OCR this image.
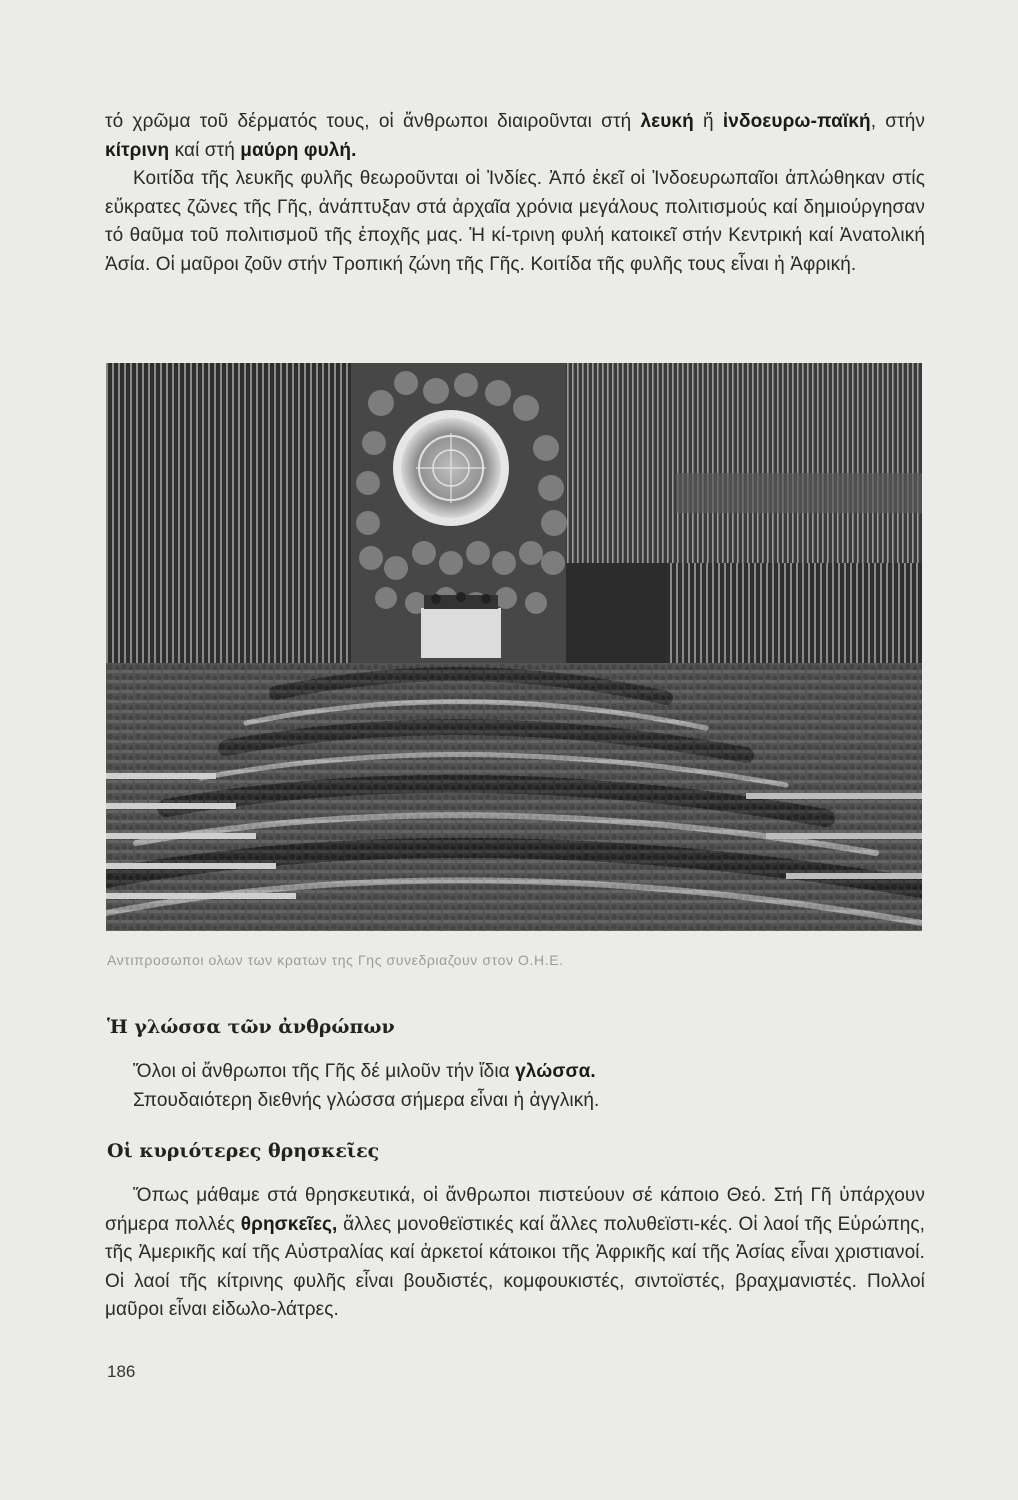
τό χρῶμα τοῦ δέρματός τους, οἱ ἄνθρωποι διαιροῦνται στή λευκή ἤ ἰνδοευρω-παϊκή, στήν κίτρινη καί στή μαύρη φυλή.

Κοιτίδα τῆς λευκῆς φυλῆς θεωροῦνται οἱ Ἰνδίες. Ἀπό ἐκεῖ οἱ Ἰνδοευρωπαῖοι ἀπλώθηκαν στίς εὔκρατες ζῶνες τῆς Γῆς, ἀνάπτυξαν στά ἀρχαῖα χρόνια μεγάλους πολιτισμούς καί δημιούργησαν τό θαῦμα τοῦ πολιτισμοῦ τῆς ἐποχῆς μας. Ἡ κί-τρινη φυλή κατοικεῖ στήν Κεντρική καί Ἀνατολική Ἀσία. Οἱ μαῦροι ζοῦν στήν Τροπική ζώνη τῆς Γῆς. Κοιτίδα τῆς φυλῆς τους εἶναι ἡ Ἀφρική.

Αντιπροσωποι ολων των κρατων της Γης συνεδριαζουν στον Ο.Η.Ε.
Ἡ γλώσσα τῶν ἀνθρώπων

Ὅλοι οἱ ἄνθρωποι τῆς Γῆς δέ μιλοῦν τήν ἴδια γλώσσα.

Σπουδαιότερη διεθνής γλώσσα σήμερα εἶναι ἡ ἀγγλική.

Οἱ κυριότερες θρησκεῖες

Ὅπως μάθαμε στά θρησκευτικά, οἱ ἄνθρωποι πιστεύουν σέ κάποιο Θεό. Στή Γῆ ὑπάρχουν σήμερα πολλές θρησκεῖες, ἄλλες μονοθεϊστικές καί ἄλλες πολυθεϊστι-κές. Οἱ λαοί τῆς Εὐρώπης, τῆς Ἀμερικῆς καί τῆς Αὐστραλίας καί ἀρκετοί κάτοικοι τῆς Ἀφρικῆς καί τῆς Ἀσίας εἶναι χριστιανοί. Οἱ λαοί τῆς κίτρινης φυλῆς εἶναι βουδιστές, κομφουκιστές, σιντοϊστές, βραχμανιστές. Πολλοί μαῦροι εἶναι εἰδωλο-λάτρες.

186
